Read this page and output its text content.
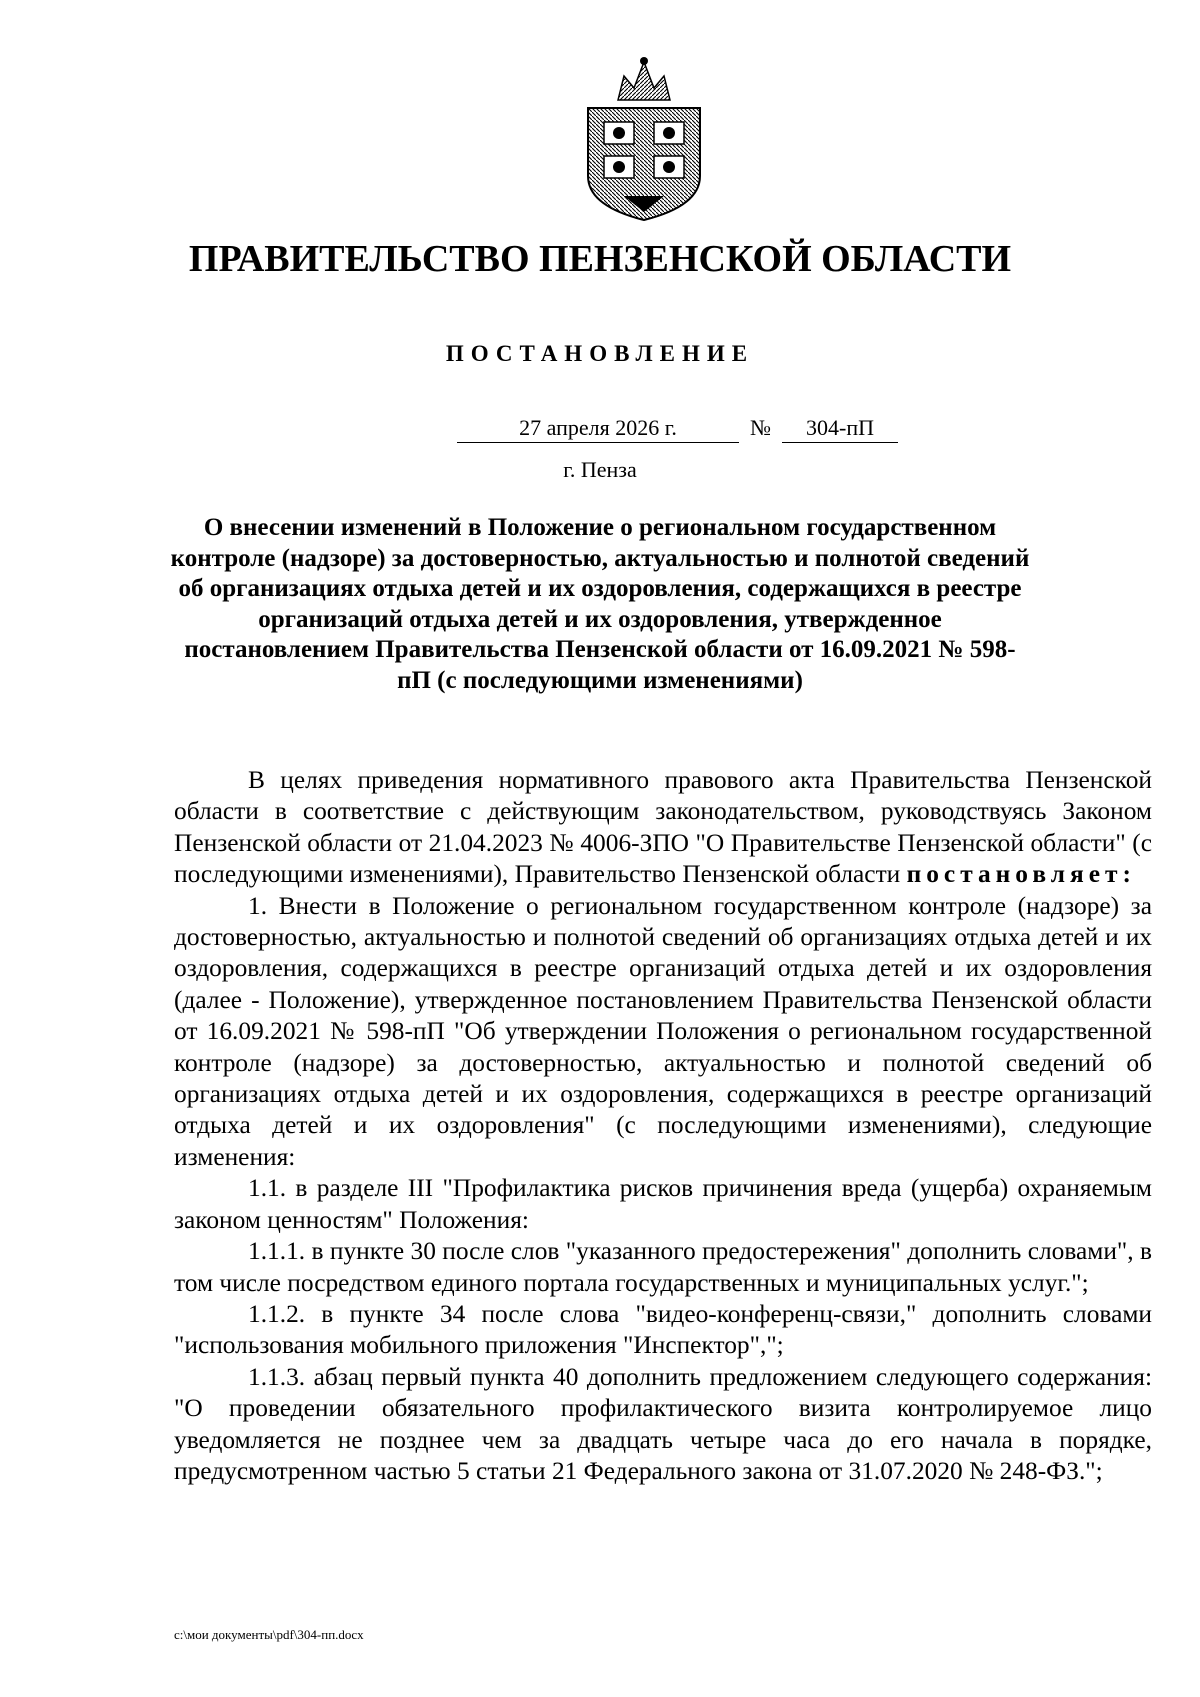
ПРАВИТЕЛЬСТВО ПЕНЗЕНСКОЙ ОБЛАСТИ
ПОСТАНОВЛЕНИЕ
27 апреля 2026 г.	№	304-пП
г. Пенза
О внесении изменений в Положение о региональном государственном контроле (надзоре) за достоверностью, актуальностью и полнотой сведений об организациях отдыха детей и их оздоровления, содержащихся в реестре организаций отдыха детей и их оздоровления, утвержденное постановлением Правительства Пензенской области от 16.09.2021 № 598-пП (с последующими изменениями)

В целях приведения нормативного правового акта Правительства Пензенской области в соответствие с действующим законодательством, руководствуясь Законом Пензенской области от 21.04.2023 № 4006-ЗПО "О Правительстве Пензенской области" (с последующими изменениями), Правительство Пензенской области постановляет:

1. Внести в Положение о региональном государственном контроле (надзоре) за достоверностью, актуальностью и полнотой сведений об организациях отдыха детей и их оздоровления, содержащихся в реестре организаций отдыха детей и их оздоровления (далее - Положение), утвержденное постановлением Правительства Пензенской области от 16.09.2021 № 598-пП "Об утверждении Положения о региональном государственной контроле (надзоре) за достоверностью, актуальностью и полнотой сведений об организациях отдыха детей и их оздоровления, содержащихся в реестре организаций отдыха детей и их оздоровления" (с последующими изменениями), следующие изменения:

1.1. в разделе III "Профилактика рисков причинения вреда (ущерба) охраняемым законом ценностям" Положения:

1.1.1. в пункте 30 после слов "указанного предостережения" дополнить словами", в том числе посредством единого портала государственных и муниципальных услуг.";

1.1.2. в пункте 34 после слова "видео-конференц-связи," дополнить словами "использования мобильного приложения "Инспектор",";

1.1.3. абзац первый пункта 40 дополнить предложением следующего содержания: "О проведении обязательного профилактического визита контролируемое лицо уведомляется не позднее чем за двадцать четыре часа до его начала в порядке, предусмотренном частью 5 статьи 21 Федерального закона от 31.07.2020 № 248-ФЗ.";

c:\мои документы\pdf\304-пп.docx
